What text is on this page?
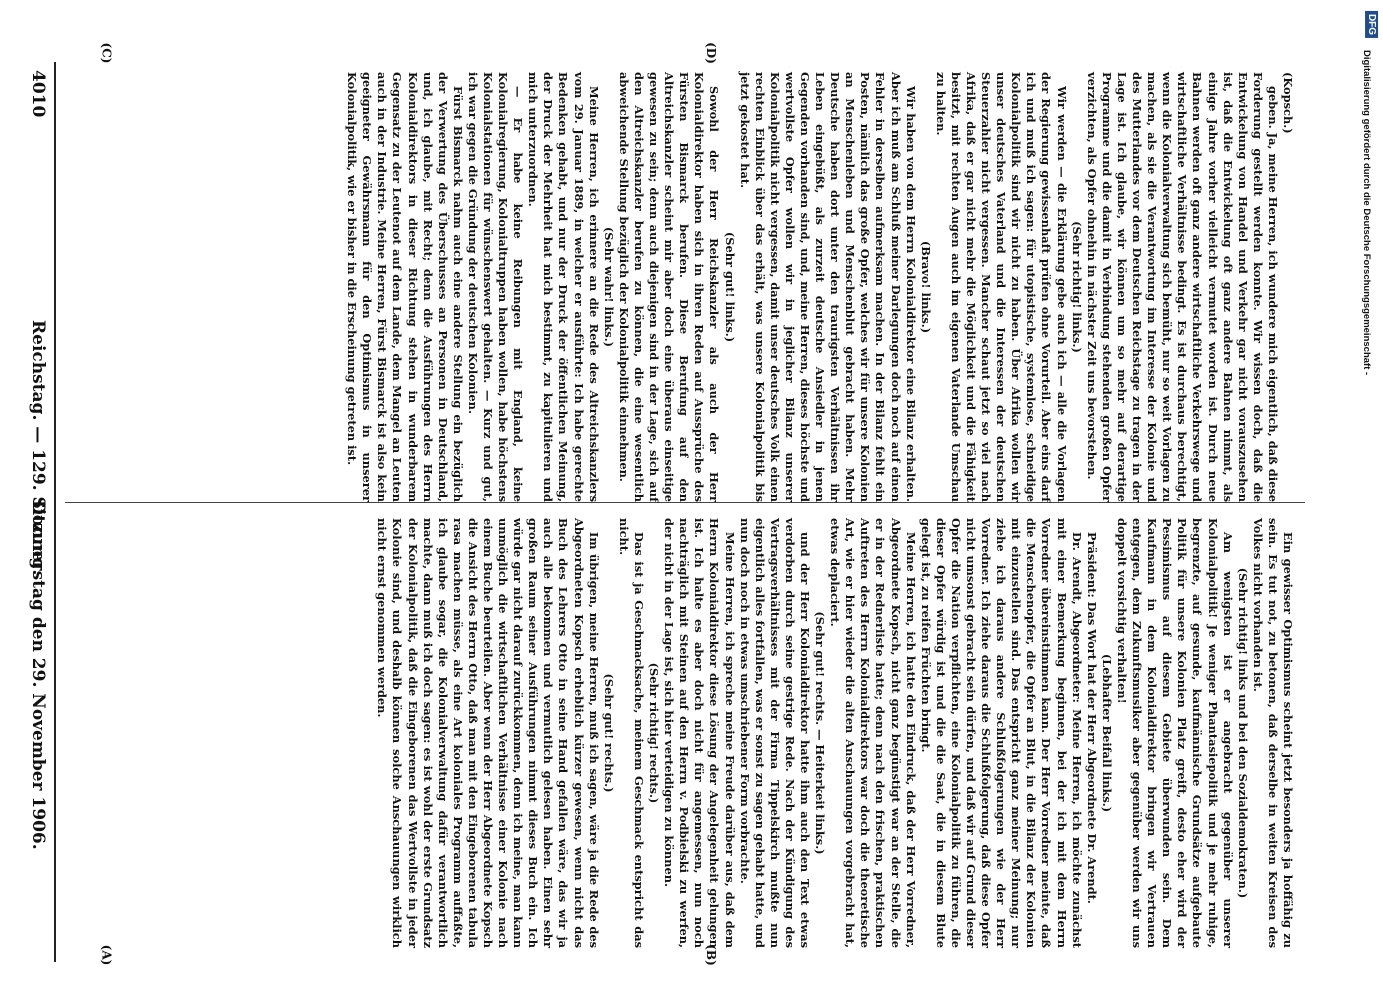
4010
Reichstag. — 129. Sitzung.
Donnerstag den 29. November 1906.

(Kopsch.)

geben. Ja, meine Herren, ich wundere mich eigentlich, daß diese Forderung gestellt werden konnte. Wir wissen doch, daß die Entwickelung von Handel und Verkehr gar nicht vorauszusehen ist, daß die Entwickelung oft ganz andere Bahnen nimmt, als einige Jahre vorher vielleicht vermutet worden ist. Durch neue Bahnen werden oft ganz andere wirtschaftliche Verkehrswege und wirtschaftliche Verhältnisse bedingt. Es ist durchaus berechtigt, wenn die Kolonialverwaltung sich bemüht, nur so weit Vorlagen zu machen, als sie die Verantwortung im Interesse der Kolonie und des Mutterlandes vor dem Deutschen Reichstage zu tragen in der Lage ist. Ich glaube, wir können um so mehr auf derartige Programme und die damit in Verbindung stehenden großen Opfer verzichten, als Opfer ohnehin in nächster Zeit uns bevorstehen.

(Sehr richtig! links.)

Wir werden — die Erklärung gebe auch ich — alle die Vorlagen der Regierung gewissenhaft prüfen ohne Vorurteil. Aber eins darf ich und muß ich sagen: für utopistische, systemlose, schneidige Kolonialpolitik sind wir nicht zu haben. Über Afrika wollen wir unser deutsches Vaterland und die Interessen der deutschen Steuerzahler nicht vergessen. Mancher schaut jetzt so viel nach Afrika, daß er gar nicht mehr die Möglichkeit und die Fähigkeit besitzt, mit rechten Augen auch im eigenen Vaterlande Umschau zu halten.

(Bravo! links.)

Wir haben von dem Herrn Kolonialdirektor eine Bilanz erhalten. Aber ich muß am Schluß meiner Darlegungen doch noch auf einen Fehler in derselben aufmerksam machen. In der Bilanz fehlt ein Posten, nämlich das große Opfer, welches wir für unsere Kolonien an Menschenleben und Menschenblut gebracht haben. Mehr Deutsche haben dort unter den traurigsten Verhältnissen ihr Leben eingebüßt, als zurzeit deutsche Ansiedler in jenen Gegenden vorhanden sind, und, meine Herren, dieses höchste und wertvollste Opfer wollen wir in jeglicher Bilanz unserer Kolonialpolitik nicht vergessen, damit unser deutsches Volk einen rechten Einblick über das erhält, was unsere Kolonialpolitik bis jetzt gekostet hat.

(Sehr gut! links.)

Sowohl der Herr Reichskanzler als auch der Herr Kolonialdirektor haben sich in ihren Reden auf Aussprüche des Fürsten Bismarck berufen. Diese Berufung auf den Altreichskanzler scheint mir aber doch eine überaus einseitige gewesen zu sein; denn auch diejenigen sind in der Lage, sich auf den Altreichskanzler berufen zu können, die eine wesentlich abweichende Stellung bezüglich der Kolonialpolitik einnehmen.

(Sehr wahr! links.)

Meine Herren, ich erinnere an die Rede des Altreichskanzlers vom 29. Januar 1889, in welcher er ausführte: Ich habe gerechte Bedenken gehabt, und nur der Druck der öffentlichen Meinung, der Druck der Mehrheit hat mich bestimmt, zu kapitulieren und mich unterzuordnen.

— Er habe keine Reibungen mit England, keine Kolonialregierung, Kolonialtruppen haben wollen, habe höchstens Kolonialstationen für wünschenswert gehalten. — Kurz und gut, ich war gegen die Gründung der deutschen Kolonien.

Fürst Bismarck nahm auch eine andere Stellung ein bezüglich der Verwertung des Überschusses an Personen in Deutschland, und, ich glaube, mit Recht; denn die Ausführungen des Herrn Kolonialdirektors in dieser Richtung stehen in wunderbarem Gegensatz zu der Leutenot auf dem Lande, dem Mangel an Leuten auch in der Industrie. Meine Herren, Fürst Bismarck ist also kein geeigneter Gewährsmann für den Optimismus in unserer Kolonialpolitik, wie er bisher in die Erscheinung getreten ist.

Ein gewisser Optimismus scheint jetzt besonders ja hoffähig zu sein. Es tut not, zu betonen, daß derselbe in weiten Kreisen des Volkes nicht vorhanden ist.

(Sehr richtig! links und bei den Sozialdemokraten.)

Am wenigsten ist er angebracht gegenüber unserer Kolonialpolitik! Je weniger Phantasiepolitik und je mehr ruhige, begrenzte, auf gesunde, kaufmännische Grundsätze aufgebaute Politik für unsere Kolonien Platz greift, desto eher wird der Pessimismus auf diesem Gebiete überwunden sein. Dem Kaufmann in dem Kolonialdirektor bringen wir Vertrauen entgegen, dem Zukunftsmusiker aber gegenüber werden wir uns doppelt vorsichtig verhalten!

(Lebhafter Beifall links.)

Präsident: Das Wort hat der Herr Abgeordnete Dr. Arendt.

Dr. Arendt, Abgeordneter: Meine Herren, ich möchte zunächst mit einer Bemerkung beginnen, bei der ich mit dem Herrn Vorredner übereinstimmen kann. Der Herr Vorredner meinte, daß die Menschenopfer, die Opfer an Blut, in die Bilanz der Kolonien mit einzustellen sind. Das entspricht ganz meiner Meinung; nur ziehe ich daraus andere Schlußfolgerungen wie der Herr Vorredner. Ich ziehe daraus die Schlußfolgerung, daß diese Opfer nicht umsonst gebracht sein dürfen, und daß wir auf Grund dieser Opfer die Nation verpflichten, eine Kolonialpolitik zu führen, die dieser Opfer würdig ist und die die Saat, die in diesem Blute gelegt ist, zu reifen Früchten bringt.

Meine Herren, ich hatte den Eindruck, daß der Herr Vorredner, Abgeordnete Kopsch, nicht ganz begünstigt war an der Stelle, die er in der Rednerliste hatte; denn nach den frischen, praktischen Auftreten des Herrn Kolonialdirektors war doch die theoretische Art, wie er hier wieder die alten Anschauungen vorgebracht hat, etwas deplaciert.

(Sehr gut! rechts. — Heiterkeit links.)

und der Herr Kolonialdirektor hatte ihm auch den Text etwas verdorben durch seine gestrige Rede. Nach der Kündigung des Vertragsverhältnisses mit der Firma Tippelskirch mußte nun eigentlich alles fortfallen, was er sonst zu sagen gehabt hatte, und nun doch noch in etwas umschriebener Form vorbrachte.

Meine Herren, ich spreche meine Freude darüber aus, daß dem Herrn Kolonialdirektor diese Lösung der Angelegenheit gelungen ist. Ich halte es aber doch nicht für angemessen, nun noch nachträglich mit Steinen auf den Herrn v. Podbielski zu werfen, der nicht in der Lage ist, sich hier verteidigen zu können.

(Sehr richtig! rechts.)

Das ist ja Geschmacksache, meinem Geschmack entspricht das nicht.

(Sehr gut! rechts.)

Im übrigen, meine Herren, muß ich sagen, wäre ja die Rede des Abgeordneten Kopsch erheblich kürzer gewesen, wenn nicht das Buch des Lehrers Otto in seine Hand gefallen wäre, das wir ja auch alle bekommen und vermutlich gelesen haben. Einen sehr großen Raum seiner Ausführungen nimmt dieses Buch ein. Ich würde gar nicht darauf zurückkommen, denn ich meine, man kann unmöglich die wirtschaftlichen Verhältnisse einer Kolonie nach einem Buche beurteilen. Aber wenn der Herr Abgeordnete Kopsch die Ansicht des Herrn Otto, daß man mit den Eingeborenen tabula rasa machen müsse, als eine Art koloniales Programm auffaßte, ich glaube sogar, die Kolonialverwaltung dafür verantwortlich machte, dann muß ich doch sagen: es ist wohl der erste Grundsatz der Kolonialpolitik, daß die Eingeborenen das Wertvollste in jeder Kolonie sind, und deshalb können solche Anschauungen wirklich nicht ernst genommen werden.

(A)	(B)
(C)	(D)
DFG
Digitalisierung gefördert durch die Deutsche Forschungsgemeinschaft -
